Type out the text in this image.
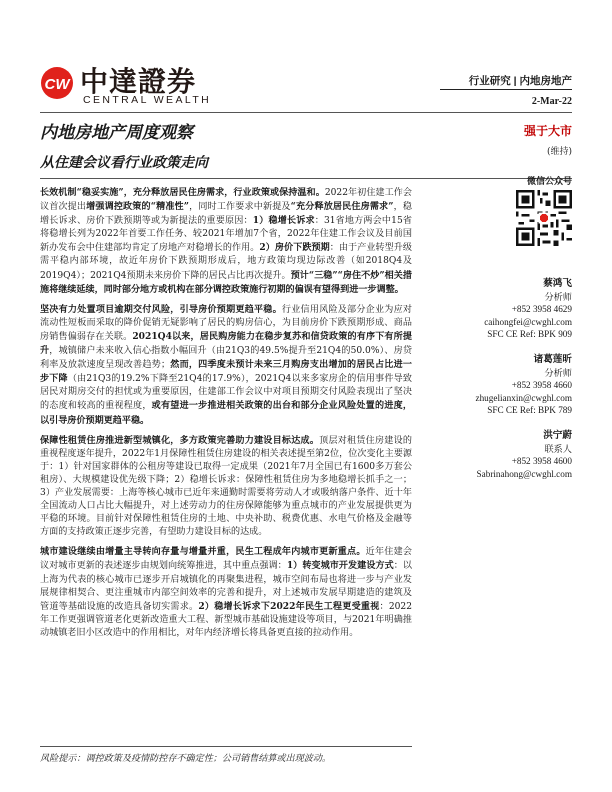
CW 中達證券
CENTRAL WEALTH
行业研究 | 内地房地产
2-Mar-22
内地房地产周度观察
从住建会议看行业政策走向
强于大市
(维持)

长效机制“稳妥实施”，充分释放居民住房需求，行业政策或保持温和。2022年初住建工作会议首次提出增强调控政策的“精准性”，同时工作要求中新提及“充分释放居民住房需求”，稳增长诉求、房价下跌预期等或为新提法的重要原因：1）稳增长诉求：31省地方两会中15省将稳增长列为2022年首要工作任务、较2021年增加7个省，2022年住建工作会议及目前国新办发布会中住建部均肯定了房地产对稳增长的作用。2）房价下跌预期：由于产业转型升级需平稳内部环境，故近年房价下跌预期形成后，地方政策均现边际改善（如2018Q4及2019Q4）；2021Q4预期未来房价下降的居民占比再次提升。预计“三稳”“房住不炒”相关措施将继续延续，同时部分地方或机构在部分调控政策施行初期的偏误有望得到进一步调整。

坚决有力处置项目逾期交付风险，引导房价预期更趋平稳。行业信用风险及部分企业为应对流动性短板而采取的降价促销无疑影响了居民的购房信心，为目前房价下跌预期形成、商品房销售偏弱存在关联。2021Q4以来，居民购房能力在稳步复苏和信贷政策的有序下有所提升，城镇储户未来收入信心指数小幅回升（由21Q3的49.5%提升至21Q4的50.0%）、房贷利率及放款速度呈现改善趋势；然而，四季度未预计未来三月购房支出增加的居民占比进一步下降（由21Q3的19.2%下降至21Q4的17.9%），2021Q4以来多家房企的信用事件导致居民对期房交付的担忧或为重要原因，住建部工作会议中对项目预期交付风险表现出了坚决的态度和较高的重视程度，或有望进一步推进相关政策的出台和部分企业风险处置的进度，以引导房价预期更趋平稳。

保障性租赁住房推进新型城镇化，多方政策完善助力建设目标达成。顶层对租赁住房建设的重视程度逐年提升，2022年1月保障性租赁住房建设的相关表述提至第2位，位次变化主要源于：1）针对国家群体的公租房等建设已取得一定成果（2021年7月全国已有1600多万套公租房）、大规模建设优先级下降；2）稳增长诉求：保障性租赁住房为多地稳增长抓手之一；3）产业发展需要：上海等核心城市已近年来通勤时需要将劳动人才或吸纳落户条件、近十年全国流动人口占比大幅提升，对上述劳动力的住房保障能够为重点城市的产业发展提供更为平稳的环境。目前针对保障性租赁住房的土地、中央补助、税费优惠、水电气价格及金融等方面的支持政策正逐步完善，有望助力建设目标的达成。

城市建设继续由增量主导转向存量与增量并重，民生工程成年内城市更新重点。近年住建会议对城市更新的表述逐步由规划向统筹推进，其中重点强调：1）转变城市开发建设方式：以上海为代表的核心城市已逐步开启城镇化的再聚集进程，城市空间布局也将进一步与产业发展规律相契合、更注重城市内部空间效率的完善和提升，对上述城市发展早期建造的建筑及管道等基础设施的改造具备切实需求。2）稳增长诉求下2022年民生工程更受重视：2022年工作更强调管道老化更新改造重大工程、新型城市基础设施建设等项目，与2021年明确推动城镇老旧小区改造中的作用相比，对年内经济增长将具备更直接的拉动作用。

风险提示：调控政策及疫情防控存不确定性；公司销售结算或出现波动。
微信公众号
蔡鸿飞
分析师
+852 3958 4629
caihongfei@cwghl.com
SFC CE Ref: BPK 909
诸葛莲昕
分析师
+852 3958 4660
zhugelianxin@cwghl.com
SFC CE Ref: BPK 789
洪宁蔚
联系人
+852 3958 4600
Sabrinahong@cwghl.com
